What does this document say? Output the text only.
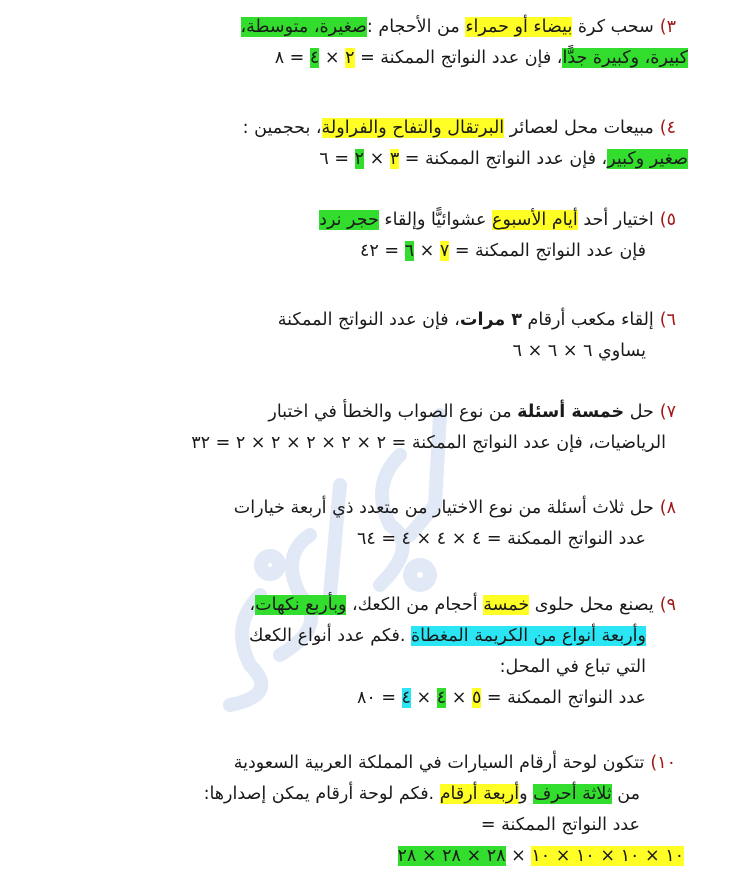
أحمد صالح الأيبي
٣)سحب كرة بيضاء أو حمراء من الأحجام :صغيرة، متوسطة،
كبيرة، وكبيرة جدًّا، فإن عدد النواتج الممكنة = ٢ × ٤ = ٨
٤)مبيعات محل لعصائر البرتقال والتفاح والفراولة، بحجمين :
صغير وكبير، فإن عدد النواتج الممكنة = ٣ × ٢ = ٦
٥)اختيار أحد أيام الأسبوع عشوائيًّا وإلقاء حجر نرد
فإن عدد النواتج الممكنة = ٧ × ٦ = ٤٢
٦)إلقاء مكعب أرقام ٣ مرات، فإن عدد النواتج الممكنة
يساوي ٦ × ٦ × ٦
٧)حل خمسة أسئلة من نوع الصواب والخطأ في اختبار
الرياضيات، فإن عدد النواتج الممكنة = ٢ × ٢ × ٢ × ٢ × ٢ = ٣٢
٨)حل ثلاث أسئلة من نوع الاختيار من متعدد ذي أربعة خيارات
عدد النواتج الممكنة = ٤ × ٤ × ٤ = ٦٤
٩)يصنع محل حلوى خمسة أحجام من الكعك، وبأربع نكهات،
وأربعة أنواع من الكريمة المغطاة .فكم عدد أنواع الكعك
التي تباع في المحل:
عدد النواتج الممكنة = ٥ × ٤ × ٤ = ٨٠
١٠)تتكون لوحة أرقام السيارات في المملكة العربية السعودية
من ثلاثة أحرف وأربعة أرقام .فكم لوحة أرقام يمكن إصدارها:
عدد النواتج الممكنة =
١٠ × ١٠ × ١٠ × ١٠ × ٢٨ × ٢٨ × ٢٨
